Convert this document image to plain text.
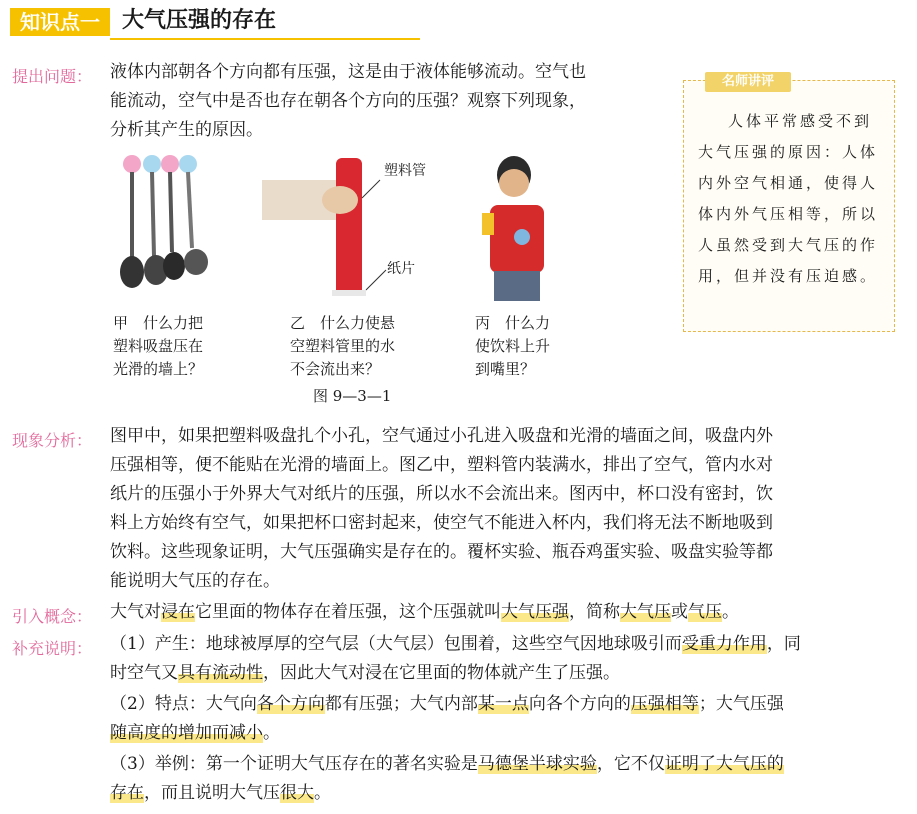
知识点一	大气压强的存在
提出问题： 液体内部朝各个方向都有压强，这是由于液体能够流动。空气也
能流动，空气中是否也存在朝各个方向的压强？观察下列现象，
分析其产生的原因。
名师讲评
人体平常感受不到大气压强的原因：人体内外空气相通，使得人体内外气压相等，所以人虽然受到大气压的作用，但并没有压迫感。
塑料管
纸片
甲　什么力把
塑料吸盘压在
光滑的墙上？
乙　什么力使悬
空塑料管里的水
不会流出来？
丙　什么力
使饮料上升
到嘴里？
图 9—3—1
现象分析： 图甲中，如果把塑料吸盘扎个小孔，空气通过小孔进入吸盘和光滑的墙面之间，吸盘内外
压强相等，便不能贴在光滑的墙面上。图乙中，塑料管内装满水，排出了空气，管内水对
纸片的压强小于外界大气对纸片的压强，所以水不会流出来。图丙中，杯口没有密封，饮
料上方始终有空气，如果把杯口密封起来，使空气不能进入杯内，我们将无法不断地吸到
饮料。这些现象证明，大气压强确实是存在的。覆杯实验、瓶吞鸡蛋实验、吸盘实验等都
能说明大气压的存在。
引入概念： 大气对浸在它里面的物体存在着压强，这个压强就叫大气压强，简称大气压或气压。
补充说明： （1）产生：地球被厚厚的空气层（大气层）包围着，这些空气因地球吸引而受重力作用，同
时空气又具有流动性，因此大气对浸在它里面的物体就产生了压强。
（2）特点：大气向各个方向都有压强；大气内部某一点向各个方向的压强相等；大气压强
随高度的增加而减小。
（3）举例：第一个证明大气压存在的著名实验是马德堡半球实验，它不仅证明了大气压的
存在，而且说明大气压很大。
